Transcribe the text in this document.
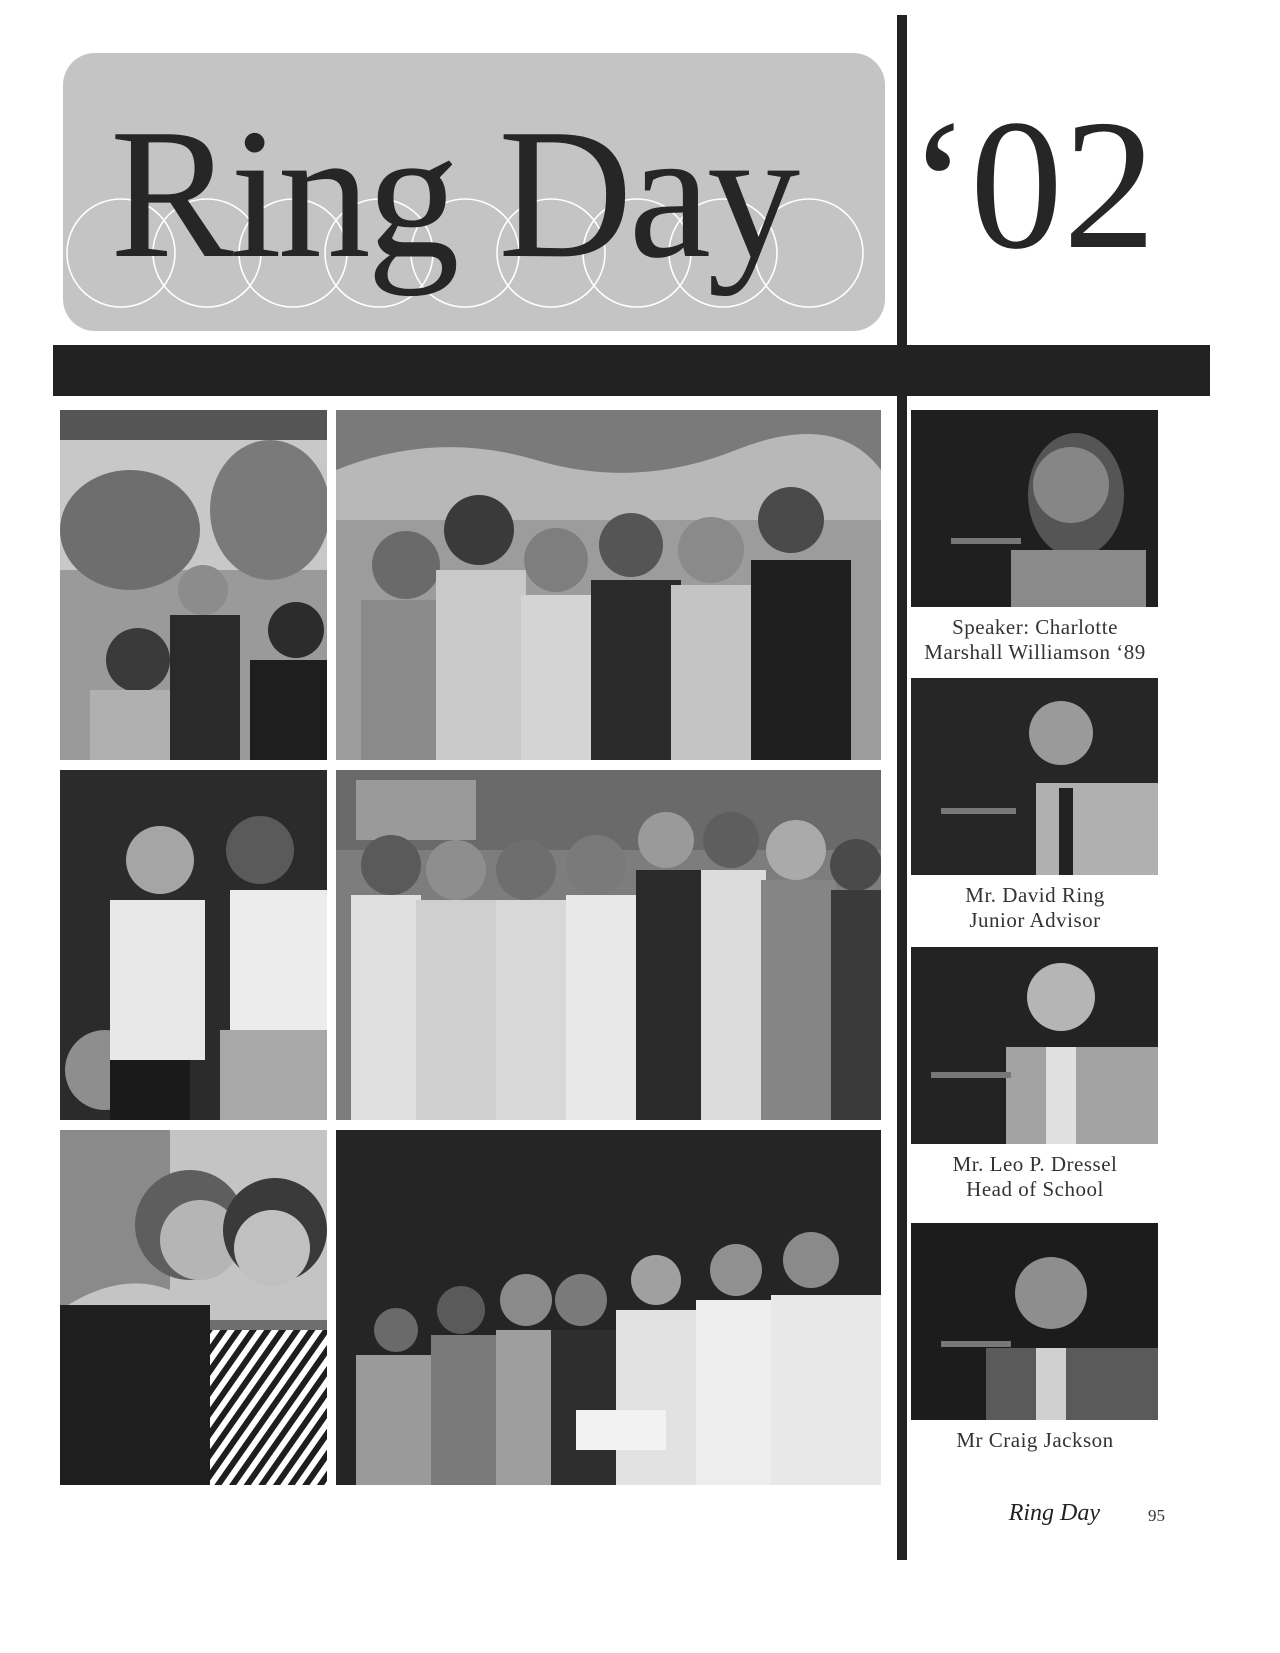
Ring Day ‘02
Speaker: Charlotte
Marshall Williamson ‘89
Mr. David Ring
Junior Advisor
Mr. Leo P. Dressel
Head of School
Mr Craig Jackson
Ring Day	95
